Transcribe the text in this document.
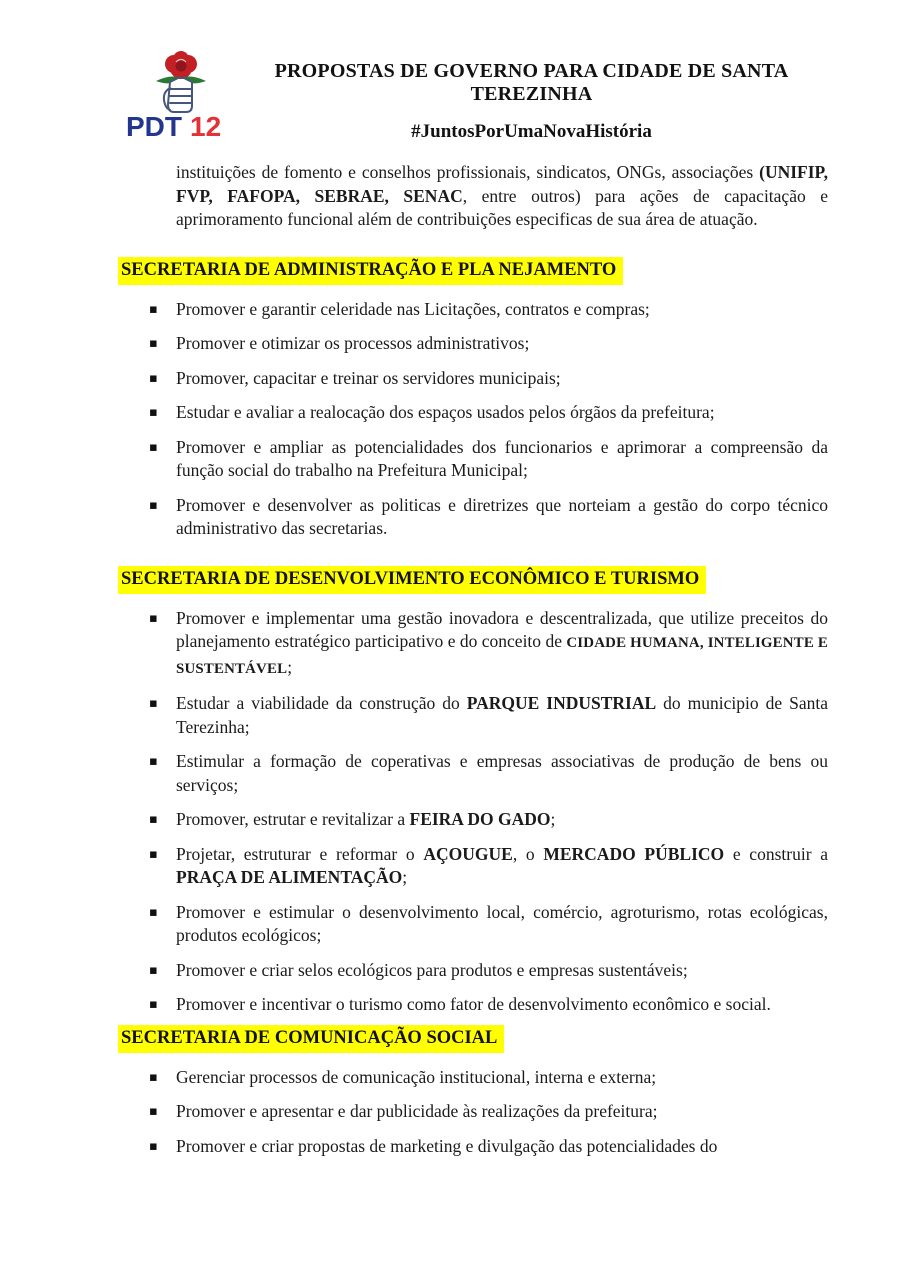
PDT 12
PROPOSTAS DE GOVERNO PARA CIDADE DE SANTA TEREZINHA
#JuntosPorUmaNovaHistória

instituições de fomento e conselhos profissionais, sindicatos, ONGs, associações (UNIFIP, FVP, FAFOPA, SEBRAE, SENAC, entre outros) para ações de capacitação e aprimoramento funcional além de contribuições especificas de sua área de atuação.

SECRETARIA DE ADMINISTRAÇÃO E PLA NEJAMENTO
▪ Promover e garantir celeridade nas Licitações, contratos e compras;
▪ Promover e otimizar os processos administrativos;
▪ Promover, capacitar e treinar os servidores municipais;
▪ Estudar e avaliar a realocação dos espaços usados pelos órgãos da prefeitura;
▪ Promover e ampliar as potencialidades dos funcionarios e aprimorar a compreensão da função social do trabalho na Prefeitura Municipal;
▪ Promover e desenvolver as politicas e diretrizes que norteiam a gestão do corpo técnico administrativo das secretarias.
SECRETARIA DE DESENVOLVIMENTO ECONÔMICO E TURISMO
▪ Promover e implementar uma gestão inovadora e descentralizada, que utilize preceitos do planejamento estratégico participativo e do conceito de CIDADE HUMANA, INTELIGENTE E SUSTENTÁVEL;
▪ Estudar a viabilidade da construção do PARQUE INDUSTRIAL do municipio de Santa Terezinha;
▪ Estimular a formação de coperativas e empresas associativas de produção de bens ou serviços;
▪ Promover, estrutar e revitalizar a FEIRA DO GADO;
▪ Projetar, estruturar e reformar o AÇOUGUE, o MERCADO PÚBLICO e construir a PRAÇA DE ALIMENTAÇÃO;
▪ Promover e estimular o desenvolvimento local, comércio, agroturismo, rotas ecológicas, produtos ecológicos;
▪ Promover e criar selos ecológicos para produtos e empresas sustentáveis;
▪ Promover e incentivar o turismo como fator de desenvolvimento econômico e social.
SECRETARIA DE COMUNICAÇÃO SOCIAL
▪ Gerenciar processos de comunicação institucional, interna e externa;
▪ Promover e apresentar e dar publicidade às realizações da prefeitura;
▪ Promover e criar propostas de marketing e divulgação das potencialidades do
